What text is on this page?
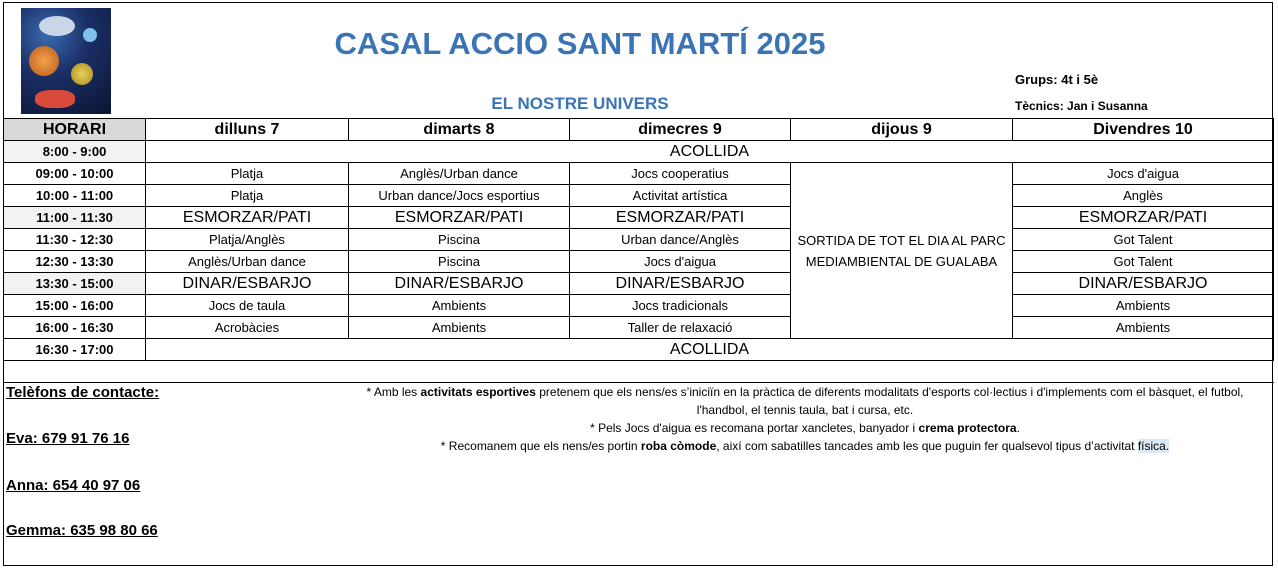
CASAL ACCIO SANT MARTÍ 2025
EL NOSTRE UNIVERS
Grups: 4t i 5è
Tècnics: Jan i Susanna
HORARI	dilluns 7	dimarts 8	dimecres 9	dijous 9	Divendres 10
8:00 - 9:00	ACOLLIDA				
09:00 - 10:00	Platja	Anglès/Urban dance	Jocs cooperatius	SORTIDA DE TOT EL DIA AL PARC MEDIAMBIENTAL DE GUALABA	Jocs d'aigua
10:00 - 11:00	Platja	Urban dance/Jocs esportius	Activitat artística		Anglès
11:00 - 11:30	ESMORZAR/PATI	ESMORZAR/PATI	ESMORZAR/PATI		ESMORZAR/PATI
11:30 - 12:30	Platja/Anglès	Piscina	Urban dance/Anglès		Got Talent
12:30 - 13:30	Anglès/Urban dance	Piscina	Jocs d'aigua		Got Talent
13:30 - 15:00	DINAR/ESBARJO	DINAR/ESBARJO	DINAR/ESBARJO		DINAR/ESBARJO
15:00 - 16:00	Jocs de taula	Ambients	Jocs tradicionals		Ambients
16:00 - 16:30	Acrobàcies	Ambients	Taller de relaxació		Ambients
16:30 - 17:00	ACOLLIDA				

Telèfons de contacte:
Eva: 679 91 76 16
Anna: 654 40 97 06
Gemma: 635 98 80 66
* Amb les activitats esportives pretenem que els nens/es s’iniciïn en la pràctica de diferents modalitats d'esports col·lectius i d'implements com el bàsquet, el futbol, l'handbol, el tennis taula, bat i cursa, etc.
* Pels Jocs d'aigua es recomana portar xancletes, banyador i crema protectora.
* Recomanem que els nens/es portin roba còmode, així com sabatilles tancades amb les que puguin fer qualsevol tipus d’activitat física.
